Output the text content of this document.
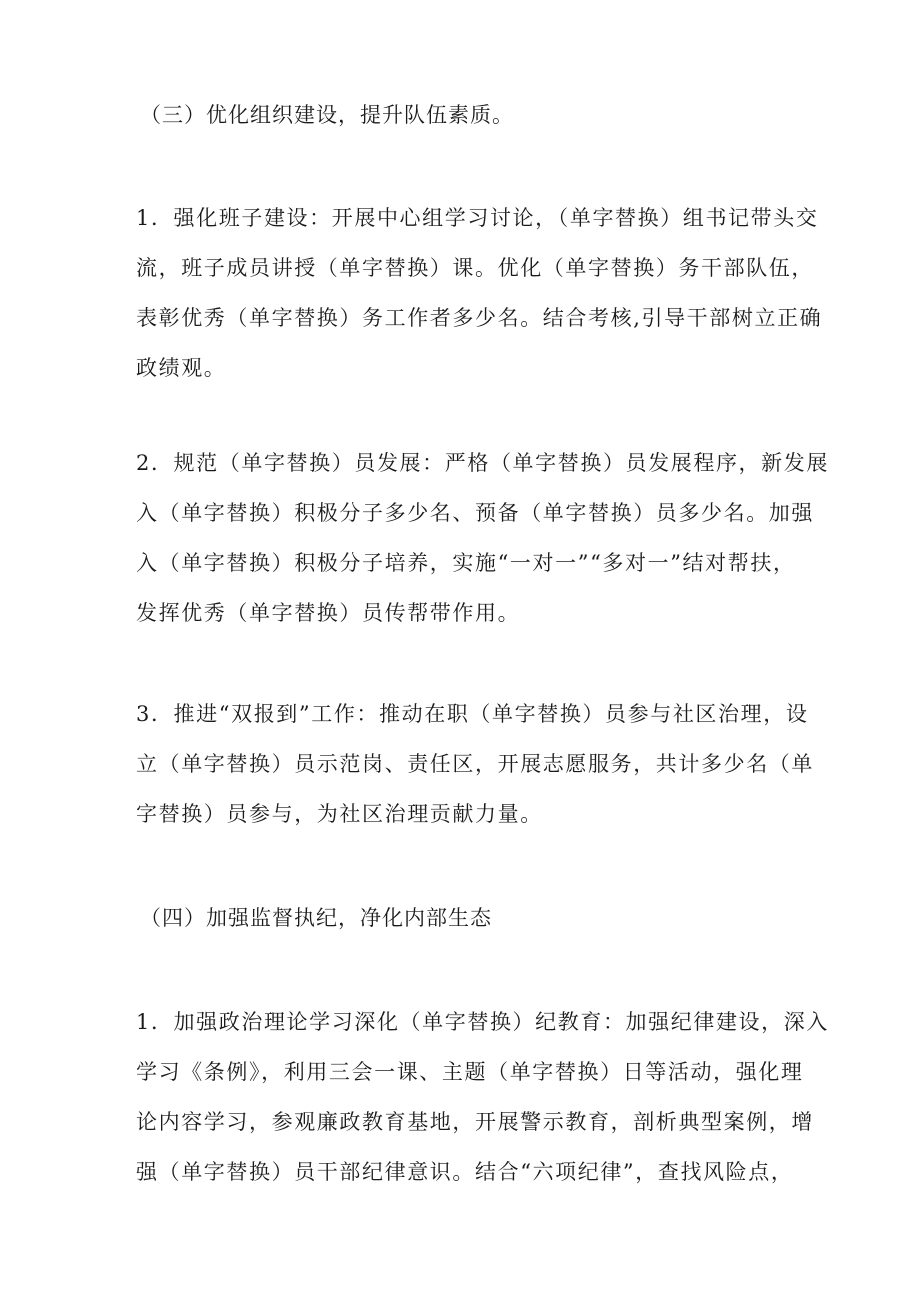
（三）优化组织建设，提升队伍素质。
1．强化班子建设：开展中心组学习讨论，（单字替换）组书记带头交
流，班子成员讲授（单字替换）课。优化（单字替换）务干部队伍，
表彰优秀（单字替换）务工作者多少名。结合考核,引导干部树立正确
政绩观。
2．规范（单字替换）员发展：严格（单字替换）员发展程序，新发展
入（单字替换）积极分子多少名、预备（单字替换）员多少名。加强
入（单字替换）积极分子培养，实施“一对一”“多对一”结对帮扶，
发挥优秀（单字替换）员传帮带作用。
3．推进“双报到”工作：推动在职（单字替换）员参与社区治理，设
立（单字替换）员示范岗、责任区，开展志愿服务，共计多少名（单
字替换）员参与，为社区治理贡献力量。
（四）加强监督执纪，净化内部生态
1．加强政治理论学习深化（单字替换）纪教育：加强纪律建设，深入
学习《条例》，利用三会一课、主题（单字替换）日等活动，强化理
论内容学习，参观廉政教育基地，开展警示教育，剖析典型案例，增
强（单字替换）员干部纪律意识。结合“六项纪律”，查找风险点，
